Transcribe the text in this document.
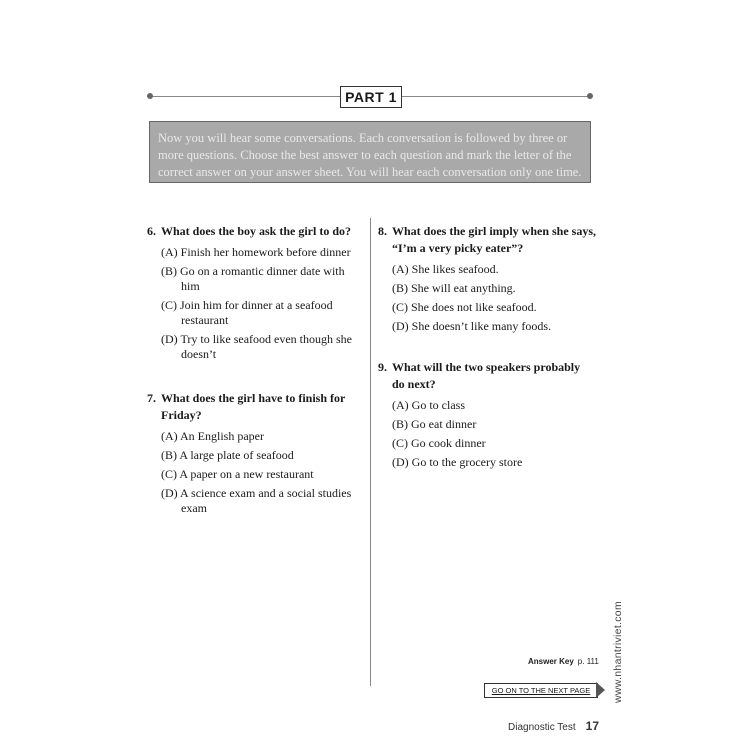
PART 1
Now you will hear some conversations. Each conversation is followed by three or more questions. Choose the best answer to each question and mark the letter of the correct answer on your answer sheet. You will hear each conversation only one time.
6. What does the boy ask the girl to do?
(A) Finish her homework before dinner
(B) Go on a romantic dinner date with
him
(C) Join him for dinner at a seafood
restaurant
(D) Try to like seafood even though she
doesn’t
7. What does the girl have to finish for
Friday?
(A) An English paper
(B) A large plate of seafood
(C) A paper on a new restaurant
(D) A science exam and a social studies
exam
8. What does the girl imply when she says,
“I’m a very picky eater”?
(A) She likes seafood.
(B) She will eat anything.
(C) She does not like seafood.
(D) She doesn’t like many foods.
9. What will the two speakers probably
do next?
(A) Go to class
(B) Go eat dinner
(C) Go cook dinner
(D) Go to the grocery store
www.nhantriviet.com
Answer Key p. 111
GO ON TO THE NEXT PAGE
Diagnostic Test 17
